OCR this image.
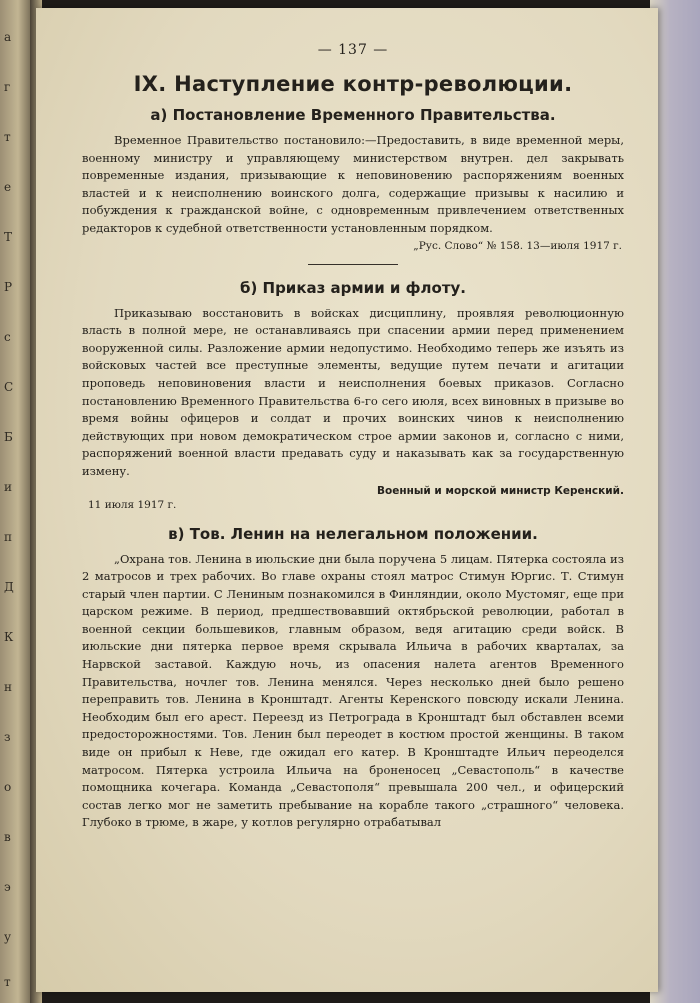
а
г
т
е
Т
Р
с
С
Б
и
п
Д
К
н
з
о
в
э
у
т
— 137 —
IX. Наступление контр-революции.
а) Постановление Временного Правительства.

Временное Правительство постановило:—Предоставить, в виде временной меры, военному министру и управляющему министерством внутрен. дел закрывать повременные издания, призывающие к неповиновению распоряжениям военных властей и к неисполнению воинского долга, содержащие призывы к насилию и побуждения к гражданской войне, с одновременным привлечением ответственных редакторов к судебной ответственности установленным порядком.

„Рус. Слово“ № 158. 13—июля 1917 г.
б) Приказ армии и флоту.

Приказываю восстановить в войсках дисциплину, проявляя революционную власть в полной мере, не останавливаясь при спасении армии перед применением вооруженной силы. Разложение армии недопустимо. Необходимо теперь же изъять из войсковых частей все преступные элементы, ведущие путем печати и агитации проповедь неповиновения власти и неисполнения боевых приказов. Согласно постановлению Временного Правительства 6-го сего июля, всех виновных в призыве во время войны офицеров и солдат и прочих воинских чинов к неисполнению действующих при новом демократическом строе армии законов и, согласно с ними, распоряжений военной власти предавать суду и наказывать как за государственную измену.

Военный и морской министр Керенский.
11 июля 1917 г.
в) Тов. Ленин на нелегальном положении.

„Охрана тов. Ленина в июльские дни была поручена 5 лицам. Пятерка состояла из 2 матросов и трех рабочих. Во главе охраны стоял матрос Стимун Юргис. Т. Стимун старый член партии. С Лениным познакомился в Финляндии, около Мустомяг, еще при царском режиме. В период, предшествовавший октябрьской революции, работал в военной секции большевиков, главным образом, ведя агитацию среди войск. В июльские дни пятерка первое время скрывала Ильича в рабочих кварталах, за Нарвской заставой. Каждую ночь, из опасения налета агентов Временного Правительства, ночлег тов. Ленина менялся. Через несколько дней было решено переправить тов. Ленина в Кронштадт. Агенты Керенского повсюду искали Ленина. Необходим был его арест. Переезд из Петрограда в Кронштадт был обставлен всеми предосторожностями. Тов. Ленин был переодет в костюм простой женщины. В таком виде он прибыл к Неве, где ожидал его катер. В Кронштадте Ильич переоделся матросом. Пятерка устроила Ильича на броненосец „Севастополь“ в качестве помощника кочегара. Команда „Севастополя“ превышала 200 чел., и офицерский состав легко мог не заметить пребывание на корабле такого „страшного“ человека. Глубоко в трюме, в жаре, у котлов регулярно отрабатывал
